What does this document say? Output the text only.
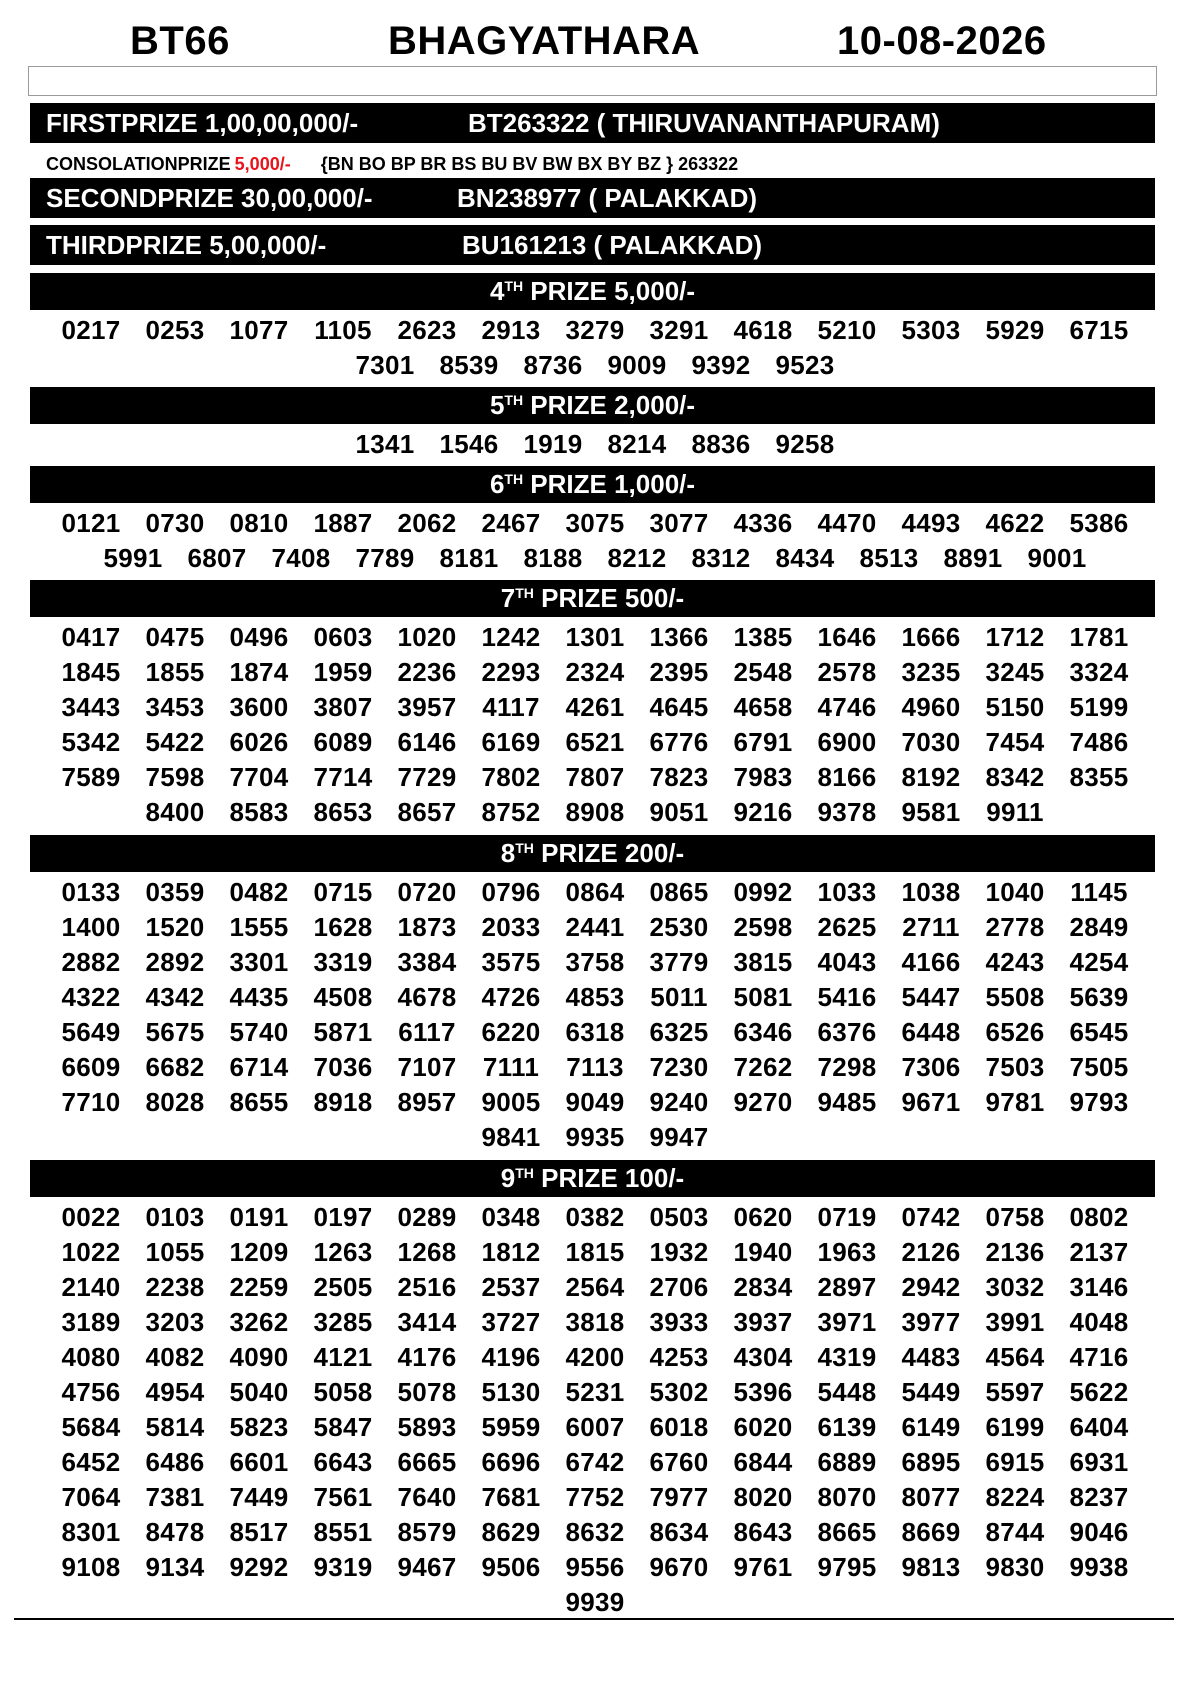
BT66	BHAGYATHARA	10-08-2026
FIRSTPRIZE 1,00,00,000/-	BT263322 ( THIRUVANANTHAPURAM)
CONSOLATIONPRIZE 5,000/- {BN BO BP BR BS BU BV BW BX BY BZ } 263322
SECONDPRIZE 30,00,000/-	BN238977 ( PALAKKAD)
THIRDPRIZE 5,00,000/-	BU161213 ( PALAKKAD)
4TH PRIZE 5,000/-
0217 0253 1077 1105 2623 2913 3279 3291 4618 5210 5303 5929 6715
7301 8539 8736 9009 9392 9523
5TH PRIZE 2,000/-
1341 1546 1919 8214 8836 9258
6TH PRIZE 1,000/-
0121 0730 0810 1887 2062 2467 3075 3077 4336 4470 4493 4622 5386
5991 6807 7408 7789 8181 8188 8212 8312 8434 8513 8891 9001
7TH PRIZE 500/-
0417 0475 0496 0603 1020 1242 1301 1366 1385 1646 1666 1712 1781
1845 1855 1874 1959 2236 2293 2324 2395 2548 2578 3235 3245 3324
3443 3453 3600 3807 3957 4117 4261 4645 4658 4746 4960 5150 5199
5342 5422 6026 6089 6146 6169 6521 6776 6791 6900 7030 7454 7486
7589 7598 7704 7714 7729 7802 7807 7823 7983 8166 8192 8342 8355
8400 8583 8653 8657 8752 8908 9051 9216 9378 9581 9911
8TH PRIZE 200/-
0133 0359 0482 0715 0720 0796 0864 0865 0992 1033 1038 1040 1145
1400 1520 1555 1628 1873 2033 2441 2530 2598 2625 2711 2778 2849
2882 2892 3301 3319 3384 3575 3758 3779 3815 4043 4166 4243 4254
4322 4342 4435 4508 4678 4726 4853 5011 5081 5416 5447 5508 5639
5649 5675 5740 5871 6117 6220 6318 6325 6346 6376 6448 6526 6545
6609 6682 6714 7036 7107	7111	7113 7230 7262 7298 7306 7503 7505
7710 8028 8655 8918 8957 9005 9049 9240 9270 9485 9671 9781 9793
9841 9935 9947
9TH PRIZE 100/-
0022 0103 0191 0197 0289 0348 0382 0503 0620 0719 0742 0758 0802
1022 1055 1209 1263 1268 1812 1815 1932 1940 1963 2126 2136 2137
2140 2238 2259 2505 2516 2537 2564 2706 2834 2897 2942 3032 3146
3189 3203 3262 3285 3414 3727 3818 3933 3937 3971 3977 3991 4048
4080 4082 4090 4121 4176 4196 4200 4253 4304 4319 4483 4564 4716
4756 4954 5040 5058 5078 5130 5231 5302 5396 5448 5449 5597 5622
5684 5814 5823 5847 5893 5959 6007 6018 6020 6139 6149 6199 6404
6452 6486 6601 6643 6665 6696 6742 6760 6844 6889 6895 6915 6931
7064 7381 7449 7561 7640 7681 7752 7977 8020 8070 8077 8224 8237
8301 8478 8517 8551 8579 8629 8632 8634 8643 8665 8669 8744 9046
9108 9134 9292 9319 9467 9506 9556 9670 9761 9795 9813 9830 9938
9939
